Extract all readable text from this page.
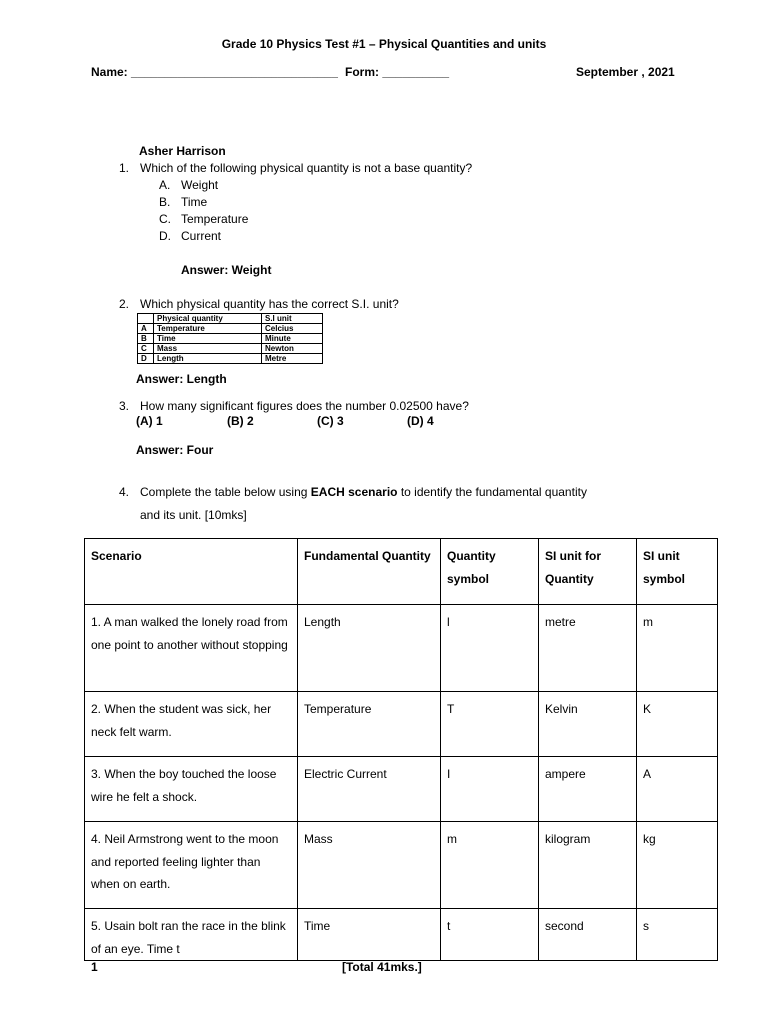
Grade 10 Physics Test #1 – Physical Quantities and units
Name: _______________________________ Form: __________	September , 2021
Asher Harrison
1. Which of the following physical quantity is not a base quantity?
A. Weight
B. Time
C. Temperature
D. Current
Answer: Weight
2. Which physical quantity has the correct S.I. unit?
	Physical quantity	S.I unit
A	Temperature	Celcius
B	Time	Minute
C	Mass	Newton
D	Length	Metre
Answer: Length
3. How many significant figures does the number 0.02500 have?
(A) 1	(B) 2	(C) 3	(D) 4
Answer: Four
4. Complete the table below using EACH scenario to identify the fundamental quantity
and its unit. [10mks]
Scenario	Fundamental Quantity	Quantity symbol	SI unit for Quantity	SI unit symbol
1. A man walked the lonely road from one point to another without stopping	Length	l	metre	m
2. When the student was sick, her neck felt warm.	Temperature	T	Kelvin	K
3. When the boy touched the loose wire he felt a shock.	Electric Current	I	ampere	A
4. Neil Armstrong went to the moon and reported feeling lighter than when on earth.	Mass	m	kilogram	kg
5. Usain bolt ran the race in the blink of an eye. Time t	Time	t	second	s
1	[Total 41mks.]
